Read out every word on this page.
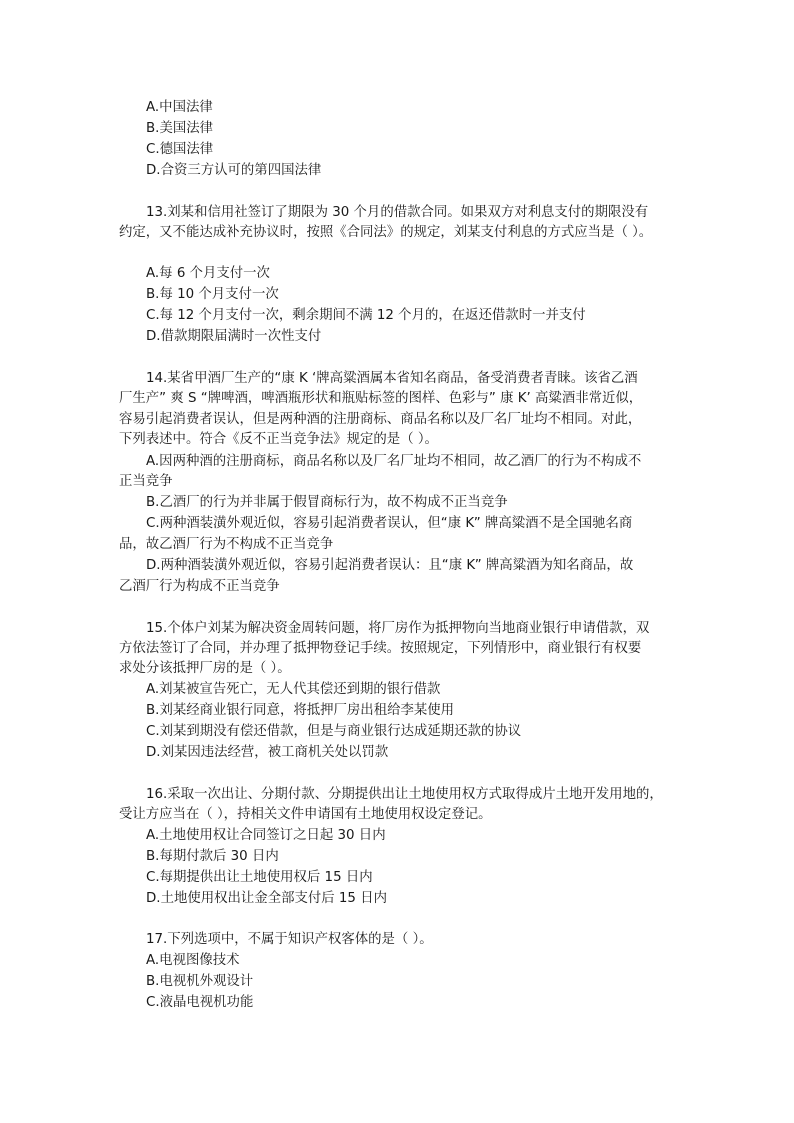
A.中国法律
B.美国法律
C.德国法律
D.合资三方认可的第四国法律
13.刘某和信用社签订了期限为 30 个月的借款合同。如果双方对利息支付的期限没有
约定，又不能达成补充协议时，按照《合同法》的规定，刘某支付利息的方式应当是（ ）。
A.每 6 个月支付一次
B.每 10 个月支付一次
C.每 12 个月支付一次，剩余期间不满 12 个月的，在返还借款时一并支付
D.借款期限届满时一次性支付
14.某省甲酒厂生产的“康 K ‘牌高粱酒属本省知名商品，备受消费者青睐。该省乙酒
厂生产” 爽 S “牌啤酒，啤酒瓶形状和瓶贴标签的图样、色彩与” 康 K’ 高粱酒非常近似，
容易引起消费者误认，但是两种酒的注册商标、商品名称以及厂名厂址均不相同。对此，
下列表述中。符合《反不正当竞争法》规定的是（ ）。
A.因两种酒的注册商标，商品名称以及厂名厂址均不相同，故乙酒厂的行为不构成不
正当竞争
B.乙酒厂的行为并非属于假冒商标行为，故不构成不正当竞争
C.两种酒装潢外观近似，容易引起消费者误认，但“康 K” 牌高粱酒不是全国驰名商
品，故乙酒厂行为不构成不正当竞争
D.两种酒装潢外观近似，容易引起消费者误认：且“康 K” 牌高粱酒为知名商品，故
乙酒厂行为构成不正当竞争
15.个体户刘某为解决资金周转问题，将厂房作为抵押物向当地商业银行申请借款，双
方依法签订了合同，并办理了抵押物登记手续。按照规定，下列情形中，商业银行有权要
求处分该抵押厂房的是（ ）。
A.刘某被宣告死亡，无人代其偿还到期的银行借款
B.刘某经商业银行同意，将抵押厂房出租给李某使用
C.刘某到期没有偿还借款，但是与商业银行达成延期还款的协议
D.刘某因违法经营，被工商机关处以罚款
16.采取一次出让、分期付款、分期提供出让土地使用权方式取得成片土地开发用地的，
受让方应当在（ ），持相关文件申请国有土地使用权设定登记。
A.土地使用权让合同签订之日起 30 日内
B.每期付款后 30 日内
C.每期提供出让土地使用权后 15 日内
D.土地使用权出让金全部支付后 15 日内
17.下列选项中，不属于知识产权客体的是（ ）。
A.电视图像技术
B.电视机外观设计
C.液晶电视机功能
